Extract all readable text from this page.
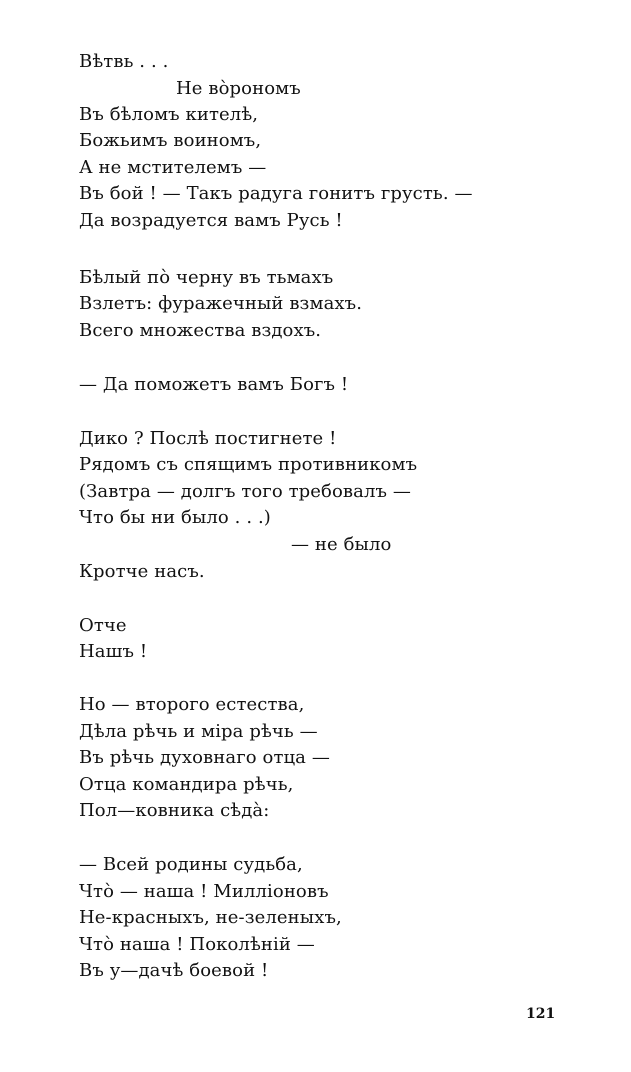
Вѣтвь . . .
Не вòрономъ
Въ бѣломъ кителѣ,
Божьимъ воиномъ,
А не мстителемъ —
Въ бой ! — Такъ радуга гонитъ грусть. —
Да возрадуется вамъ Русь !
Бѣлый пò черну въ тьмахъ
Взлетъ: фуражечный взмахъ.
Всего множества вздохъ.
— Да поможетъ вамъ Богъ !
Дико ? Послѣ постигнете !
Рядомъ съ спящимъ противникомъ
(Завтра — долгъ того требовалъ —
Что бы ни было . . .)
— не было
Кротче насъ.
Отче
Нашъ !
Но — второго естества,
Дѣла рѣчь и міра рѣчь —
Въ рѣчь духовнаго отца —
Отца командира рѣчь,
Пол—ковника сѣдà:
— Всей родины судьба,
Чтò — наша ! Милліоновъ
Не-красныхъ, не-зеленыхъ,
Чтò наша ! Поколѣній —
Въ у—дачѣ боевой !
121
